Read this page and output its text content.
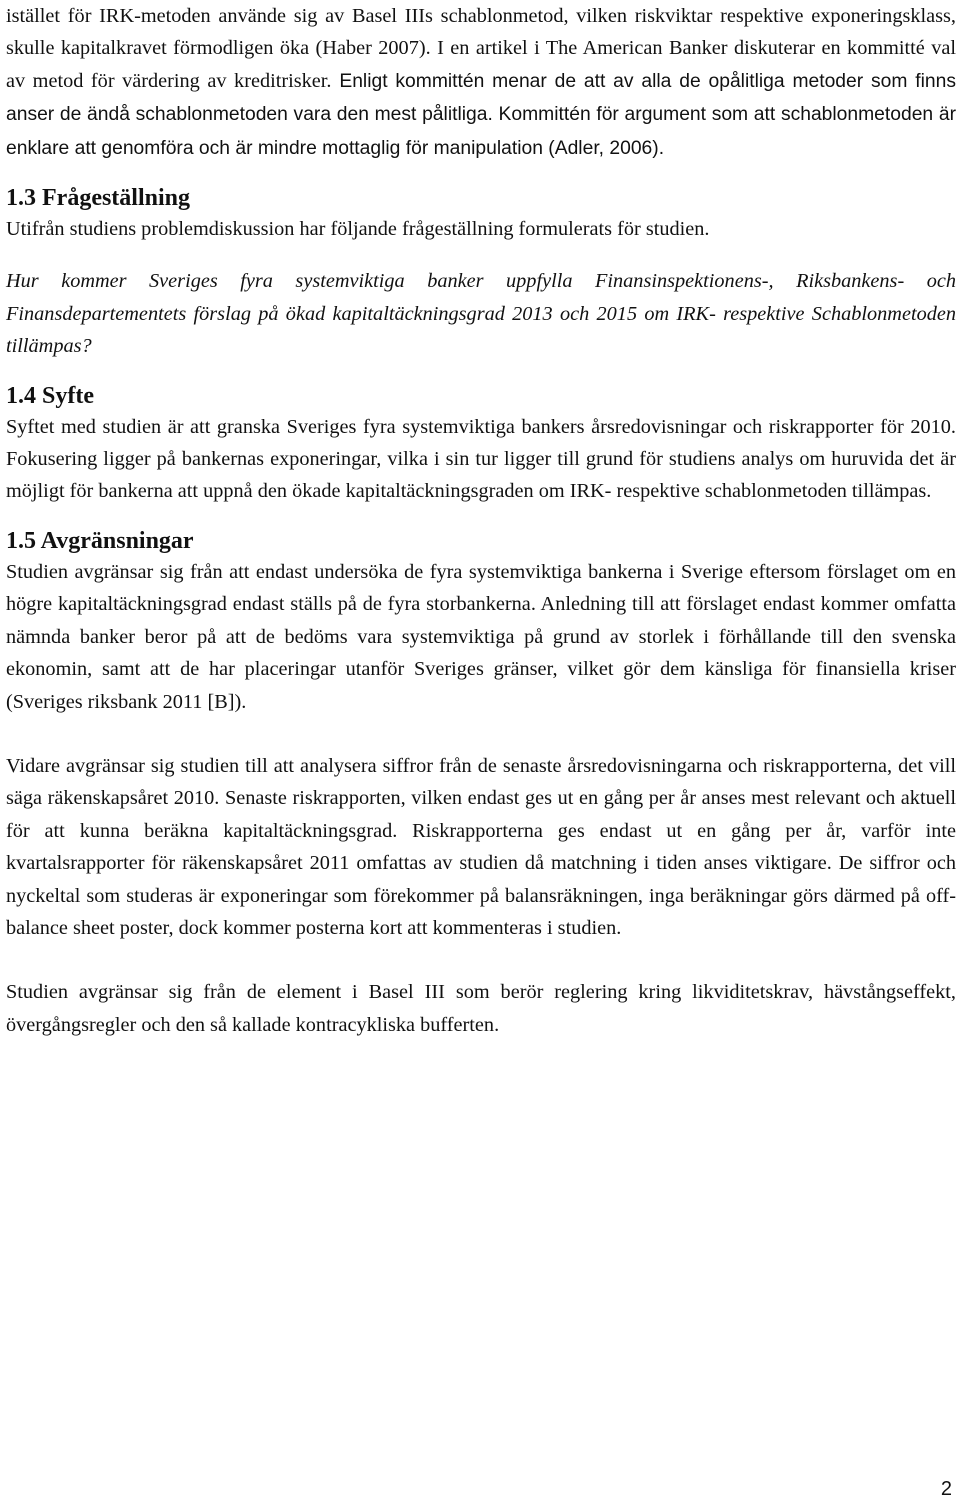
istället för IRK-metoden använde sig av Basel IIIs schablonmetod, vilken riskviktar respektive exponeringsklass, skulle kapitalkravet förmodligen öka (Haber 2007). I en artikel i The American Banker diskuterar en kommitté val av metod för värdering av kreditrisker. Enligt kommittén menar de att av alla de opålitliga metoder som finns anser de ändå schablonmetoden vara den mest pålitliga. Kommittén för argument som att schablonmetoden är enklare att genomföra och är mindre mottaglig för manipulation (Adler, 2006).

1.3 Frågeställning

Utifrån studiens problemdiskussion har följande frågeställning formulerats för studien.

Hur kommer Sveriges fyra systemviktiga banker uppfylla Finansinspektionens-, Riksbankens- och Finansdepartementets förslag på ökad kapitaltäckningsgrad 2013 och 2015 om IRK- respektive Schablonmetoden tillämpas?

1.4 Syfte

Syftet med studien är att granska Sveriges fyra systemviktiga bankers årsredovisningar och riskrapporter för 2010. Fokusering ligger på bankernas exponeringar, vilka i sin tur ligger till grund för studiens analys om huruvida det är möjligt för bankerna att uppnå den ökade kapitaltäckningsgraden om IRK- respektive schablonmetoden tillämpas.

1.5 Avgränsningar

Studien avgränsar sig från att endast undersöka de fyra systemviktiga bankerna i Sverige eftersom förslaget om en högre kapitaltäckningsgrad endast ställs på de fyra storbankerna. Anledning till att förslaget endast kommer omfatta nämnda banker beror på att de bedöms vara systemviktiga på grund av storlek i förhållande till den svenska ekonomin, samt att de har placeringar utanför Sveriges gränser, vilket gör dem känsliga för finansiella kriser (Sveriges riksbank 2011 [B]).

Vidare avgränsar sig studien till att analysera siffror från de senaste årsredovisningarna och riskrapporterna, det vill säga räkenskapsåret 2010. Senaste riskrapporten, vilken endast ges ut en gång per år anses mest relevant och aktuell för att kunna beräkna kapitaltäckningsgrad. Riskrapporterna ges endast ut en gång per år, varför inte kvartalsrapporter för räkenskapsåret 2011 omfattas av studien då matchning i tiden anses viktigare. De siffror och nyckeltal som studeras är exponeringar som förekommer på balansräkningen, inga beräkningar görs därmed på off-balance sheet poster, dock kommer posterna kort att kommenteras i studien.

Studien avgränsar sig från de element i Basel III som berör reglering kring likviditetskrav, hävstångseffekt, övergångsregler och den så kallade kontracykliska bufferten.

2
